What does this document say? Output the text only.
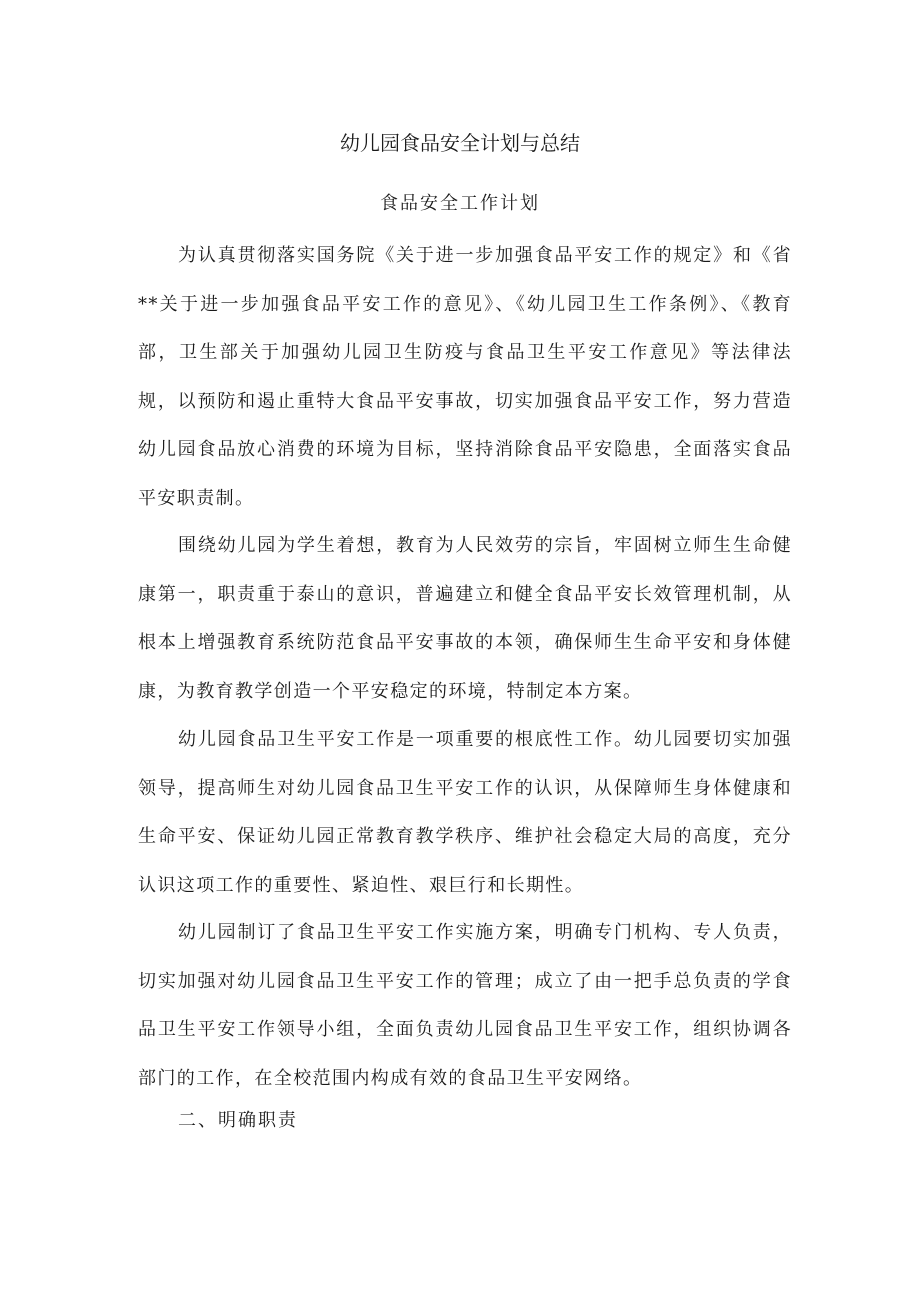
幼儿园食品安全计划与总结
食品安全工作计划

为认真贯彻落实国务院《关于进一步加强食品平安工作的规定》和《省**关于进一步加强食品平安工作的意见》、《幼儿园卫生工作条例》、《教育部，卫生部关于加强幼儿园卫生防疫与食品卫生平安工作意见》等法律法规，以预防和遏止重特大食品平安事故，切实加强食品平安工作，努力营造幼儿园食品放心消费的环境为目标，坚持消除食品平安隐患，全面落实食品平安职责制。

围绕幼儿园为学生着想，教育为人民效劳的宗旨，牢固树立师生生命健康第一，职责重于泰山的意识，普遍建立和健全食品平安长效管理机制，从根本上增强教育系统防范食品平安事故的本领，确保师生生命平安和身体健康，为教育教学创造一个平安稳定的环境，特制定本方案。

幼儿园食品卫生平安工作是一项重要的根底性工作。幼儿园要切实加强领导，提高师生对幼儿园食品卫生平安工作的认识，从保障师生身体健康和生命平安、保证幼儿园正常教育教学秩序、维护社会稳定大局的高度，充分认识这项工作的重要性、紧迫性、艰巨行和长期性。

幼儿园制订了食品卫生平安工作实施方案，明确专门机构、专人负责，切实加强对幼儿园食品卫生平安工作的管理；成立了由一把手总负责的学食品卫生平安工作领导小组，全面负责幼儿园食品卫生平安工作，组织协调各部门的工作，在全校范围内构成有效的食品卫生平安网络。

二、明确职责
